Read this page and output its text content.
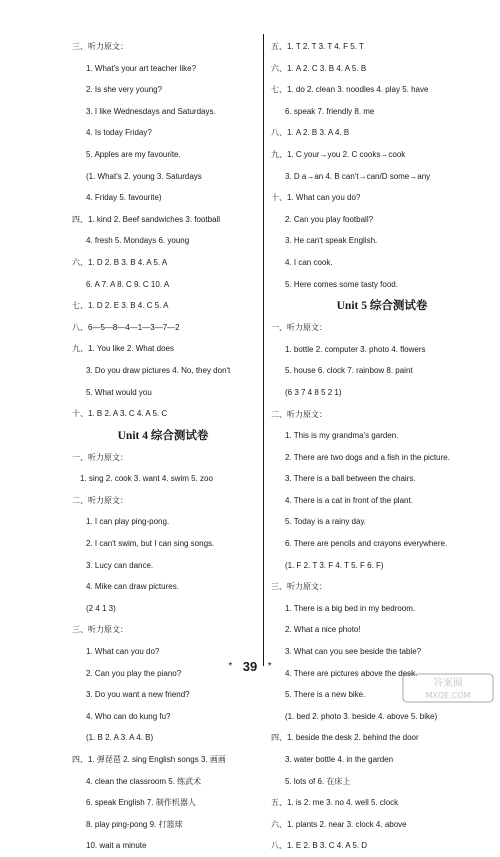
三、听力原文：
1. What's your art teacher like?
2. Is she very young?
3. I like Wednesdays and Saturdays.
4. Is today Friday?
5. Apples are my favourite.
(1. What's 2. young 3. Saturdays
4. Friday 5. favourite)
四、1. kind 2. Beef sandwiches 3. football
4. fresh 5. Mondays 6. young
六、1. D 2. B 3. B 4. A 5. A
6. A 7. A 8. C 9. C 10. A
七、1. D 2. E 3. B 4. C 5. A
八、6—5—8—4—1—3—7—2
九、1. You like 2. What does
3. Do you draw pictures 4. No, they don't
5. What would you
十、1. B 2. A 3. C 4. A 5. C
Unit 4 综合测试卷
一、听力原文：
1. sing 2. cook 3. want 4. swim 5. zoo
二、听力原文：
1. I can play ping-pong.
2. I can't swim, but I can sing songs.
3. Lucy can dance.
4. Mike can draw pictures.
(2 4 1 3)
三、听力原文：
1. What can you do?
2. Can you play the piano?
3. Do you want a new friend?
4. Who can do kung fu?
(1. B 2. A 3. A 4. B)
四、1. 弹琵琶 2. sing English songs 3. 画画
4. clean the classroom 5. 练武术
6. speak English 7. 制作机器人
8. play ping-pong 9. 打篮球
10. wait a minute
五、1. T 2. T 3. T 4. F 5. T
六、1. A 2. C 3. B 4. A 5. B
七、1. do 2. clean 3. noodles 4. play 5. have
6. speak 7. friendly 8. me
八、1. A 2. B 3. A 4. B
九、1. C your→you 2. C cooks→cook
3. D a→an 4. B can't→can/D some→any
十、1. What can you do?
2. Can you play football?
3. He can't speak English.
4. I can cook.
5. Here comes some tasty food.
Unit 5 综合测试卷
一、听力原文：
1. bottle 2. computer 3. photo 4. flowers
5. house 6. clock 7. rainbow 8. paint
(6 3 7 4 8 5 2 1)
二、听力原文：
1. This is my grandma's garden.
2. There are two dogs and a fish in the picture.
3. There is a ball between the chairs.
4. There is a cat in front of the plant.
5. Today is a rainy day.
6. There are pencils and crayons everywhere.
(1. F 2. T 3. F 4. T 5. F 6. F)
三、听力原文：
1. There is a big bed in my bedroom.
2. What a nice photo!
3. What can you see beside the table?
4. There are pictures above the desk.
5. There is a new bike.
(1. bed 2. photo 3. beside 4. above 5. bike)
四、1. beside the desk 2. behind the door
3. water bottle 4. in the garden
5. lots of 6. 在床上
五、1. is 2. me 3. no 4. well 5. clock
六、1. plants 2. near 3. clock 4. above
八、1. E 2. B 3. C 4. A 5. D
* 39 *
答案圈
MXQE.COM
